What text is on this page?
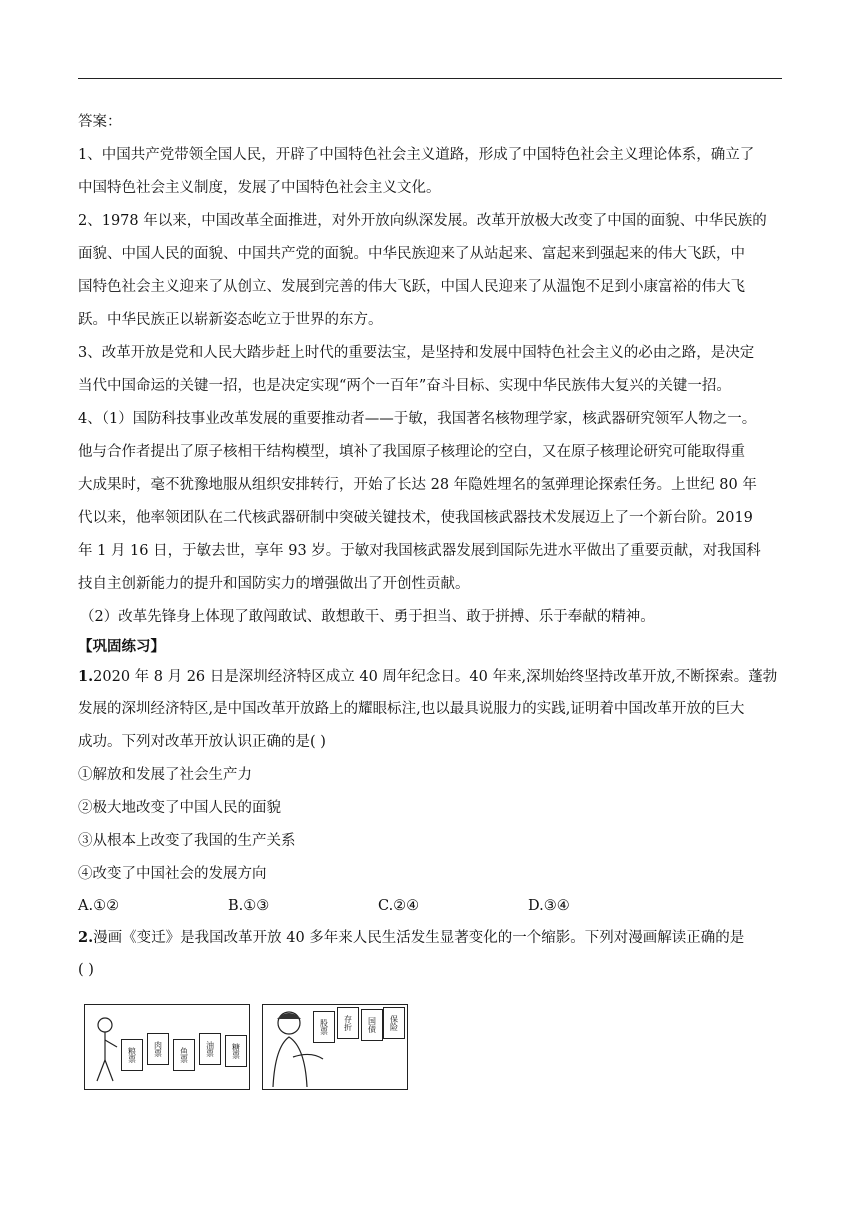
答案：
1、中国共产党带领全国人民，开辟了中国特色社会主义道路，形成了中国特色社会主义理论体系，确立了
中国特色社会主义制度，发展了中国特色社会主义文化。
2、1978 年以来，中国改革全面推进，对外开放向纵深发展。改革开放极大改变了中国的面貌、中华民族的
面貌、中国人民的面貌、中国共产党的面貌。中华民族迎来了从站起来、富起来到强起来的伟大飞跃，中
国特色社会主义迎来了从创立、发展到完善的伟大飞跃，中国人民迎来了从温饱不足到小康富裕的伟大飞
跃。中华民族正以崭新姿态屹立于世界的东方。
3、改革开放是党和人民大踏步赶上时代的重要法宝，是坚持和发展中国特色社会主义的必由之路，是决定
当代中国命运的关键一招，也是决定实现“两个一百年”奋斗目标、实现中华民族伟大复兴的关键一招。
4、（1）国防科技事业改革发展的重要推动者——于敏，我国著名核物理学家，核武器研究领军人物之一。
他与合作者提出了原子核相干结构模型，填补了我国原子核理论的空白，又在原子核理论研究可能取得重
大成果时，毫不犹豫地服从组织安排转行，开始了长达 28 年隐姓埋名的氢弹理论探索任务。上世纪 80 年
代以来，他率领团队在二代核武器研制中突破关键技术，使我国核武器技术发展迈上了一个新台阶。2019
年 1 月 16 日，于敏去世，享年 93 岁。于敏对我国核武器发展到国际先进水平做出了重要贡献，对我国科
技自主创新能力的提升和国防实力的增强做出了开创性贡献。
（2）改革先锋身上体现了敢闯敢试、敢想敢干、勇于担当、敢于拼搏、乐于奉献的精神。
【巩固练习】
1.2020 年 8 月 26 日是深圳经济特区成立 40 周年纪念日。40 年来,深圳始终坚持改革开放,不断探索。蓬勃
发展的深圳经济特区,是中国改革开放路上的耀眼标注,也以最具说服力的实践,证明着中国改革开放的巨大
成功。下列对改革开放认识正确的是( )
①解放和发展了社会生产力
②极大地改变了中国人民的面貌
③从根本上改变了我国的生产关系
④改变了中国社会的发展方向
A.①②	B.①③	C.②④	D.③④
2.漫画《变迁》是我国改革开放 40 多年来人民生活发生显著变化的一个缩影。下列对漫画解读正确的是
( )
粮票	肉票	鱼票	油票	糖票
股票	存折	国债	保险
